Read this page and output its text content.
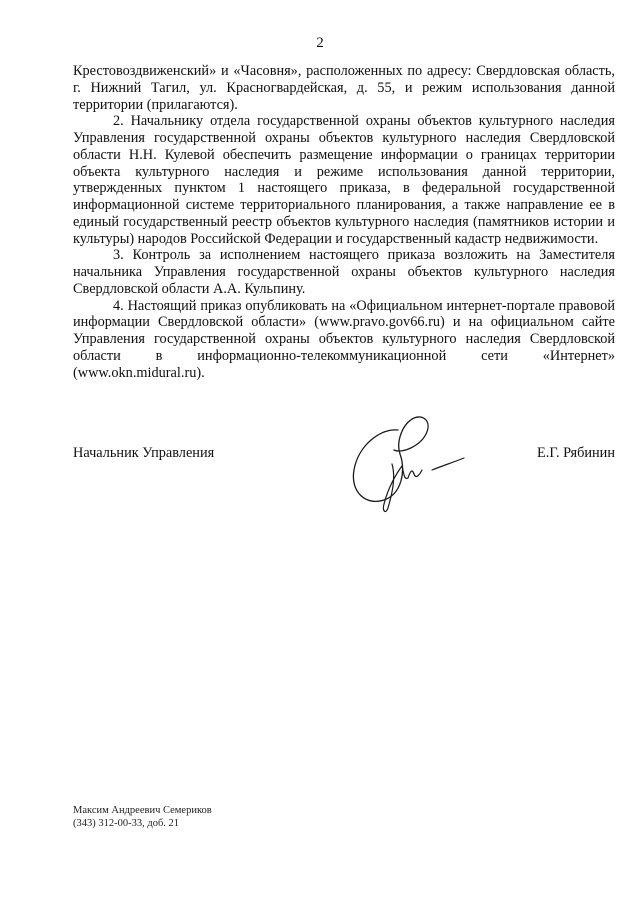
2

Крестовоздвиженский» и «Часовня», расположенных по адресу: Свердловская область, г. Нижний Тагил, ул. Красногвардейская, д. 55, и режим использования данной территории (прилагаются).

2. Начальнику отдела государственной охраны объектов культурного наследия Управления государственной охраны объектов культурного наследия Свердловской области Н.Н. Кулевой обеспечить размещение информации о границах территории объекта культурного наследия и режиме использования данной территории, утвержденных пунктом 1 настоящего приказа, в федеральной государственной информационной системе территориального планирования, а также направление ее в единый государственный реестр объектов культурного наследия (памятников истории и культуры) народов Российской Федерации и государственный кадастр недвижимости.

3. Контроль за исполнением настоящего приказа возложить на Заместителя начальника Управления государственной охраны объектов культурного наследия Свердловской области А.А. Кульпину.

4. Настоящий приказ опубликовать на «Официальном интернет-портале правовой информации Свердловской области» (www.pravo.gov66.ru) и на официальном сайте Управления государственной охраны объектов культурного наследия Свердловской области в информационно-телекоммуникационной сети «Интернет» (www.okn.midural.ru).

Начальник Управления	Е.Г. Рябинин
Максим Андреевич Семериков
(343) 312-00-33, доб. 21
